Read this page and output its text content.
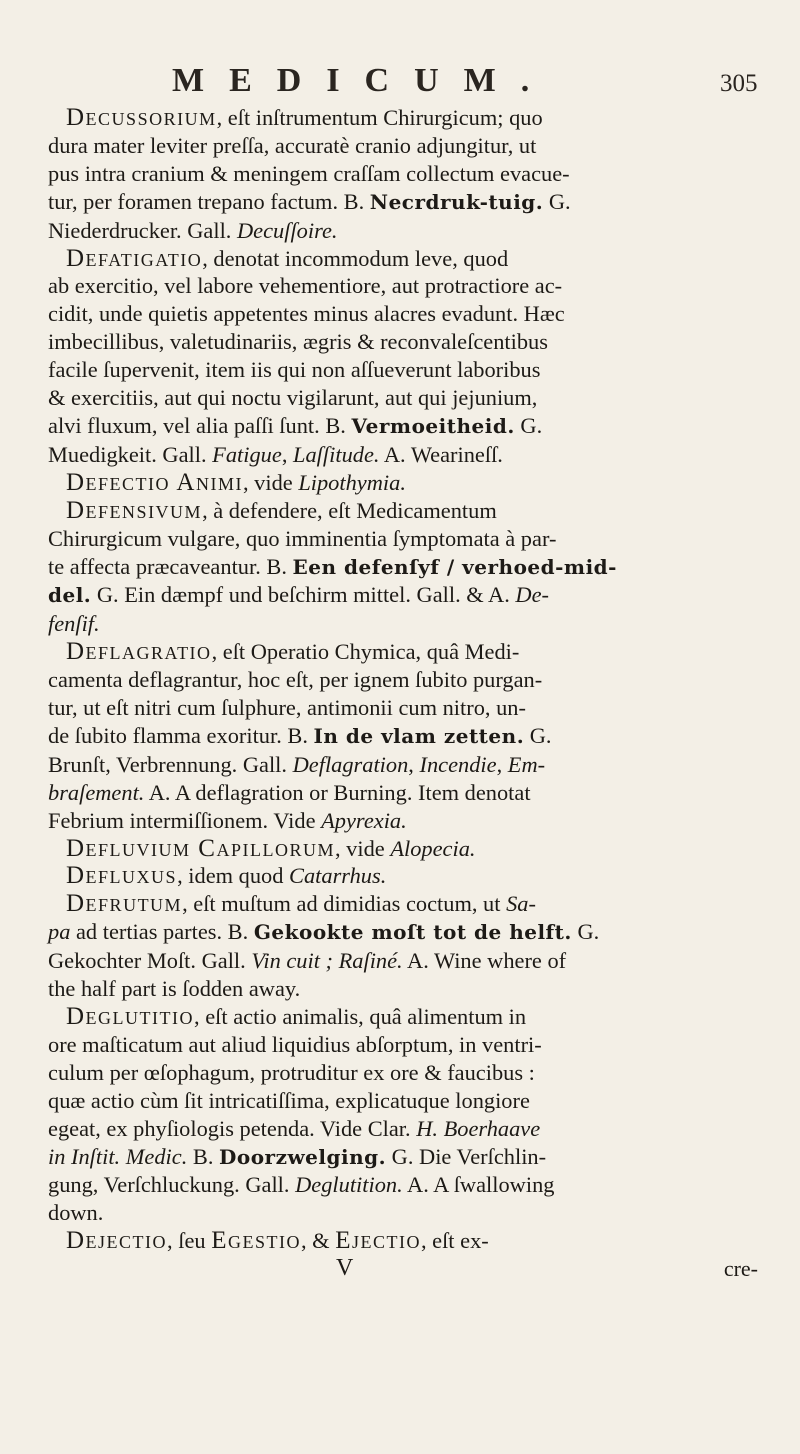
MEDICUM.	305
Decussorium, eſt inſtrumentum Chirurgicum; quo
dura mater leviter preſſa, accuratè cranio adjungitur, ut
pus intra cranium & meningem craſſam collectum evacue-
tur, per foramen trepano factum. B. Necrdruk-tuig. G.
Niederdrucker. Gall. Decuſſoire.
Defatigatio, denotat incommodum leve, quod
ab exercitio, vel labore vehementiore, aut protractiore ac-
cidit, unde quietis appetentes minus alacres evadunt. Hæc
imbecillibus, valetudinariis, ægris & reconvaleſcentibus
facile ſupervenit, item iis qui non aſſueverunt laboribus
& exercitiis, aut qui noctu vigilarunt, aut qui jejunium,
alvi fluxum, vel alia paſſi ſunt. B. Vermoeitheid. G.
Muedigkeit. Gall. Fatigue, Laſſitude. A. Wearineſſ.
Defectio Animi, vide Lipothymia.
Defensivum, à defendere, eſt Medicamentum
Chirurgicum vulgare, quo imminentia ſymptomata à par-
te affecta præcaveantur. B. Een defenſyf / verhoed-mid-
del. G. Ein dæmpf und beſchirm mittel. Gall. & A. De-
fenſif.
Deflagratio, eſt Operatio Chymica, quâ Medi-
camenta deflagrantur, hoc eſt, per ignem ſubito purgan-
tur, ut eſt nitri cum ſulphure, antimonii cum nitro, un-
de ſubito flamma exoritur. B. In de vlam zetten. G.
Brunſt, Verbrennung. Gall. Deflagration, Incendie, Em-
braſement. A. A deflagration or Burning. Item denotat
Febrium intermiſſionem. Vide Apyrexia.
Defluvium Capillorum, vide Alopecia.
Defluxus, idem quod Catarrhus.
Defrutum, eſt muſtum ad dimidias coctum, ut Sa-
pa ad tertias partes. B. Gekookte moſt tot de helft. G.
Gekochter Moſt. Gall. Vin cuit ; Raſiné. A. Wine where of
the half part is ſodden away.
Deglutitio, eſt actio animalis, quâ alimentum in
ore maſticatum aut aliud liquidius abſorptum, in ventri-
culum per œſophagum, protruditur ex ore & faucibus :
quæ actio cùm ſit intricatiſſima, explicatuque longiore
egeat, ex phyſiologis petenda. Vide Clar. H. Boerhaave
in Inſtit. Medic. B. Doorzwelging. G. Die Verſchlin-
gung, Verſchluckung. Gall. Deglutition. A. A ſwallowing
down.
Dejectio, ſeu Egestio, & Ejectio, eſt ex-
V	cre-
